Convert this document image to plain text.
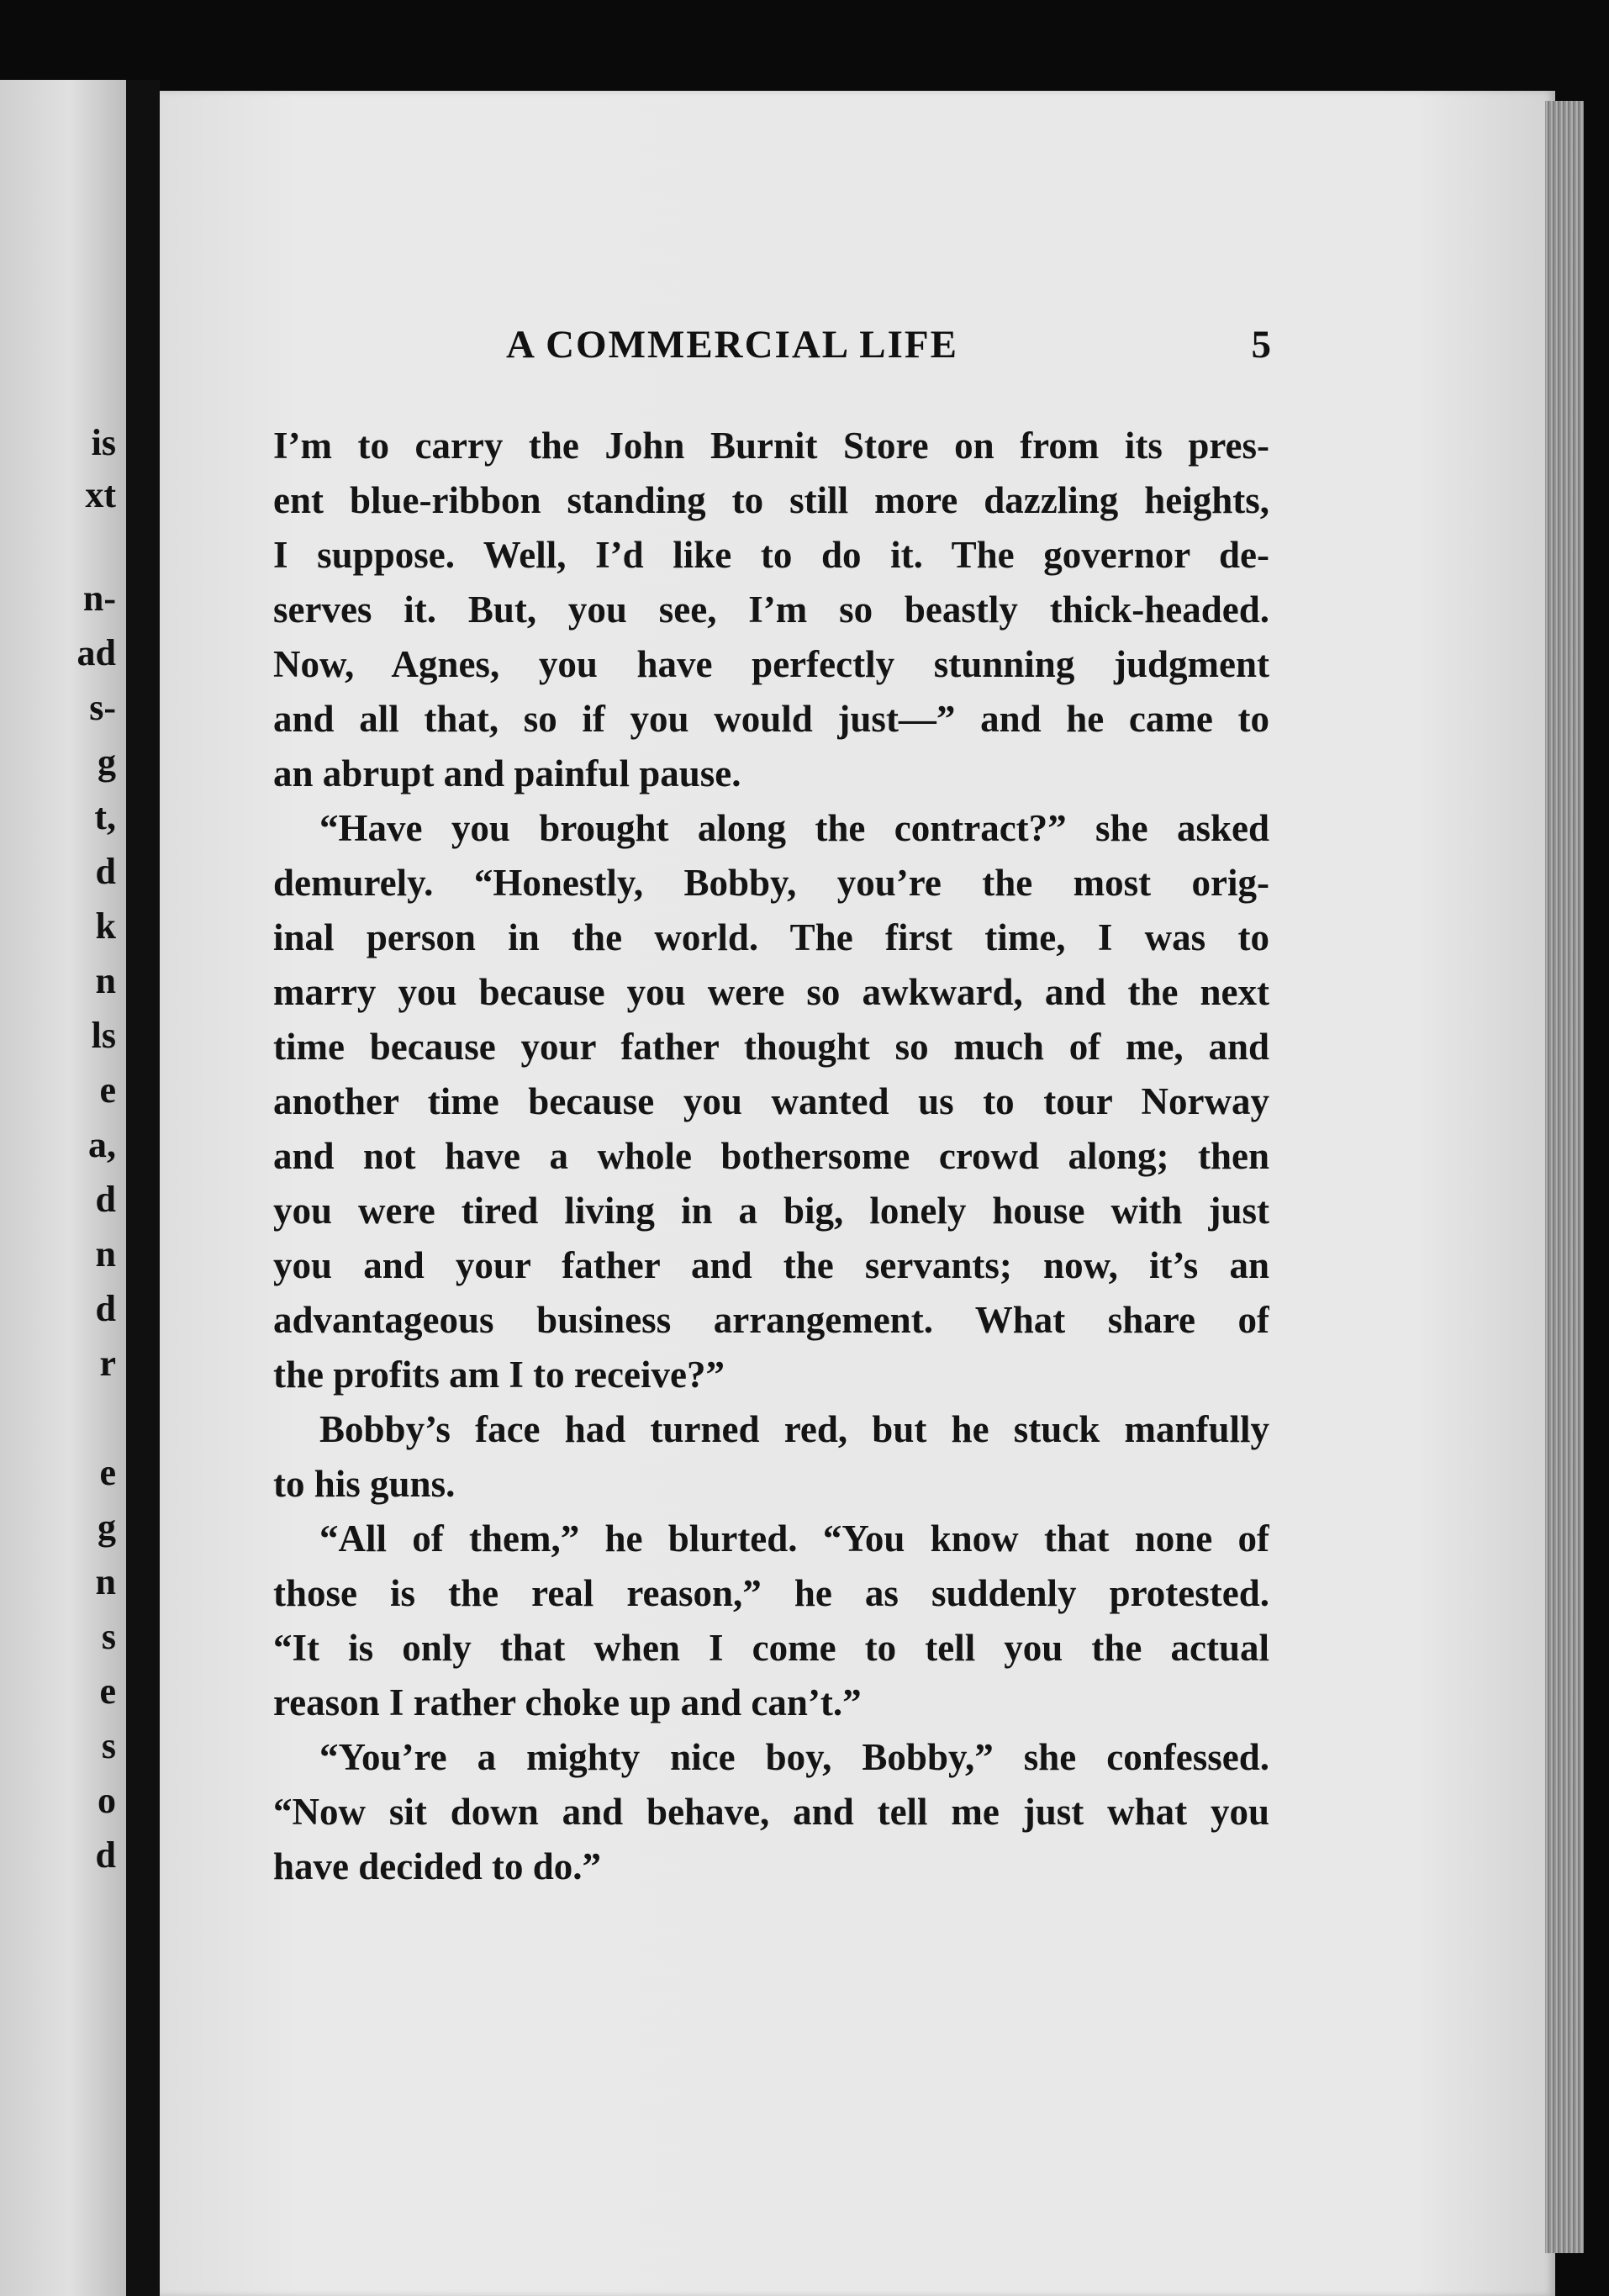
is
xt
n-
ad
s-
g
t,
d
k
n
ls
e
a,
d
n
d
r
e
g
n
s
e
s
o
d
A COMMERCIAL LIFE	5
I’m to carry the John Burnit Store on from its pres-
ent blue-ribbon standing to still more dazzling heights,
I suppose. Well, I’d like to do it. The governor de-
serves it. But, you see, I’m so beastly thick-headed.
Now, Agnes, you have perfectly stunning judgment
and all that, so if you would just—” and he came to
an abrupt and painful pause.
“Have you brought along the contract?” she asked
demurely. “Honestly, Bobby, you’re the most orig-
inal person in the world. The first time, I was to
marry you because you were so awkward, and the next
time because your father thought so much of me, and
another time because you wanted us to tour Norway
and not have a whole bothersome crowd along; then
you were tired living in a big, lonely house with just
you and your father and the servants; now, it’s an
advantageous business arrangement. What share of
the profits am I to receive?”
Bobby’s face had turned red, but he stuck manfully
to his guns.
“All of them,” he blurted. “You know that none of
those is the real reason,” he as suddenly protested.
“It is only that when I come to tell you the actual
reason I rather choke up and can’t.”
“You’re a mighty nice boy, Bobby,” she confessed.
“Now sit down and behave, and tell me just what you
have decided to do.”
